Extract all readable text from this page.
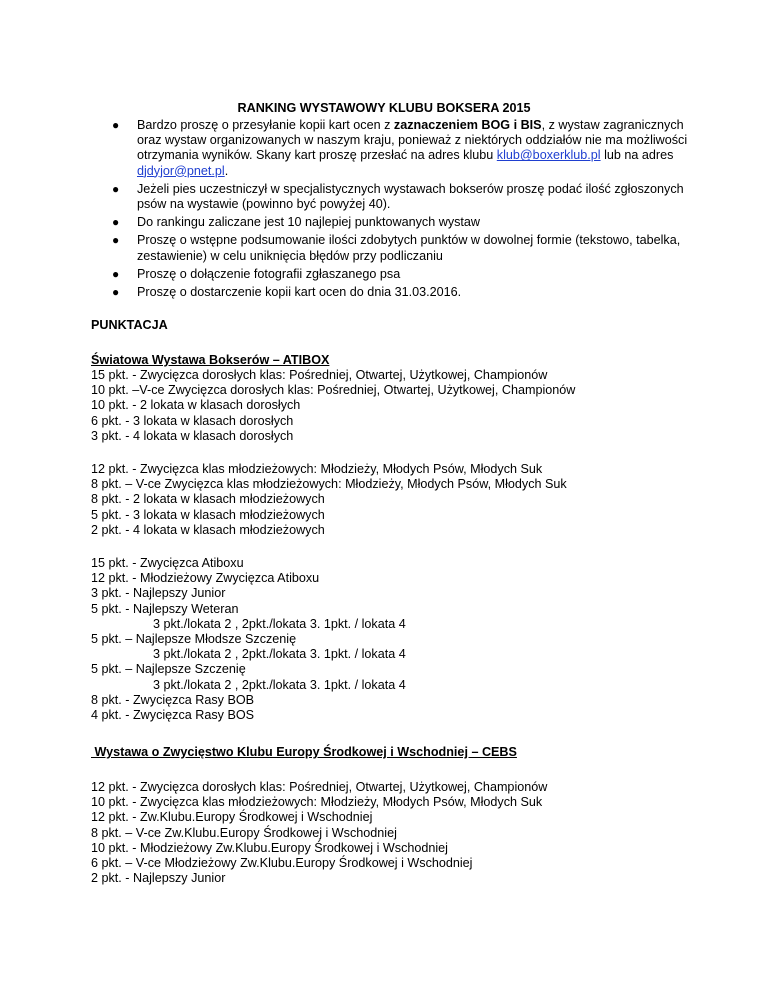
RANKING WYSTAWOWY KLUBU BOKSERA 2015
● Bardzo proszę o przesyłanie kopii kart ocen z zaznaczeniem BOG i BIS, z wystaw zagranicznych oraz wystaw organizowanych w naszym kraju, ponieważ z niektórych oddziałów nie ma możliwości otrzymania wyników. Skany kart proszę przesłać na adres klubu klub@boxerklub.pl lub na adres djdyjor@pnet.pl.
● Jeżeli pies uczestniczył w specjalistycznych wystawach bokserów proszę podać ilość zgłoszonych psów na wystawie (powinno być powyżej 40).
● Do rankingu zaliczane jest 10 najlepiej punktowanych wystaw
● Proszę o wstępne podsumowanie ilości zdobytych punktów w dowolnej formie (tekstowo, tabelka, zestawienie) w celu uniknięcia błędów przy podliczaniu
● Proszę o dołączenie fotografii zgłaszanego psa
● Proszę o dostarczenie kopii kart ocen do dnia 31.03.2016.
PUNKTACJA
Światowa Wystawa Bokserów – ATIBOX
15 pkt. - Zwycięzca dorosłych klas: Pośredniej, Otwartej, Użytkowej, Championów
10 pkt. –V-ce Zwycięzca dorosłych klas: Pośredniej, Otwartej, Użytkowej, Championów
10 pkt. - 2 lokata w klasach dorosłych
6 pkt. - 3 lokata w klasach dorosłych
3 pkt. - 4 lokata w klasach dorosłych
12 pkt. - Zwycięzca klas młodzieżowych: Młodzieży, Młodych Psów, Młodych Suk
8 pkt. – V-ce Zwycięzca klas młodzieżowych: Młodzieży, Młodych Psów, Młodych Suk
8 pkt. - 2 lokata w klasach młodzieżowych
5 pkt. - 3 lokata w klasach młodzieżowych
2 pkt. - 4 lokata w klasach młodzieżowych
15 pkt. - Zwycięzca Atiboxu
12 pkt. - Młodzieżowy Zwycięzca Atiboxu
3 pkt. - Najlepszy Junior
5 pkt. - Najlepszy Weteran
3 pkt./lokata 2 , 2pkt./lokata 3. 1pkt. / lokata 4
5 pkt. – Najlepsze Młodsze Szczenię
3 pkt./lokata 2 , 2pkt./lokata 3. 1pkt. / lokata 4
5 pkt. – Najlepsze Szczenię
3 pkt./lokata 2 , 2pkt./lokata 3. 1pkt. / lokata 4
8 pkt. - Zwycięzca Rasy BOB
4 pkt. - Zwycięzca Rasy BOS
Wystawa o Zwycięstwo Klubu Europy Środkowej i Wschodniej – CEBS
12 pkt. - Zwycięzca dorosłych klas: Pośredniej, Otwartej, Użytkowej, Championów
10 pkt. - Zwycięzca klas młodzieżowych: Młodzieży, Młodych Psów, Młodych Suk
12 pkt. - Zw.Klubu.Europy Środkowej i Wschodniej
8 pkt. – V-ce Zw.Klubu.Europy Środkowej i Wschodniej
10 pkt. - Młodzieżowy Zw.Klubu.Europy Środkowej i Wschodniej
6 pkt. – V-ce Młodzieżowy Zw.Klubu.Europy Środkowej i Wschodniej
2 pkt. - Najlepszy Junior
